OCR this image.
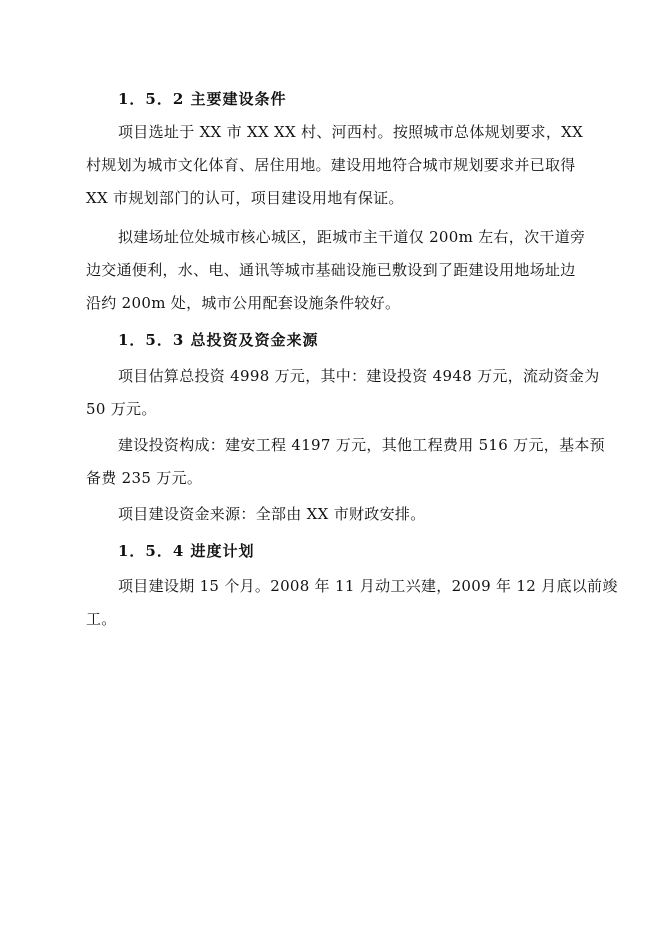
1．5．2 主要建设条件
项目选址于 XX 市 XX XX 村、河西村。按照城市总体规划要求，XX
村规划为城市文化体育、居住用地。建设用地符合城市规划要求并已取得
XX 市规划部门的认可，项目建设用地有保证。
拟建场址位处城市核心城区，距城市主干道仅 200m 左右，次干道旁
边交通便利，水、电、通讯等城市基础设施已敷设到了距建设用地场址边
沿约 200m 处，城市公用配套设施条件较好。
1．5．3 总投资及资金来源
项目估算总投资 4998 万元，其中：建设投资 4948 万元，流动资金为
50 万元。
建设投资构成：建安工程 4197 万元，其他工程费用 516 万元，基本预
备费 235 万元。
项目建设资金来源：全部由 XX 市财政安排。
1．5．4 进度计划
项目建设期 15 个月。2008 年 11 月动工兴建，2009 年 12 月底以前竣
工。
